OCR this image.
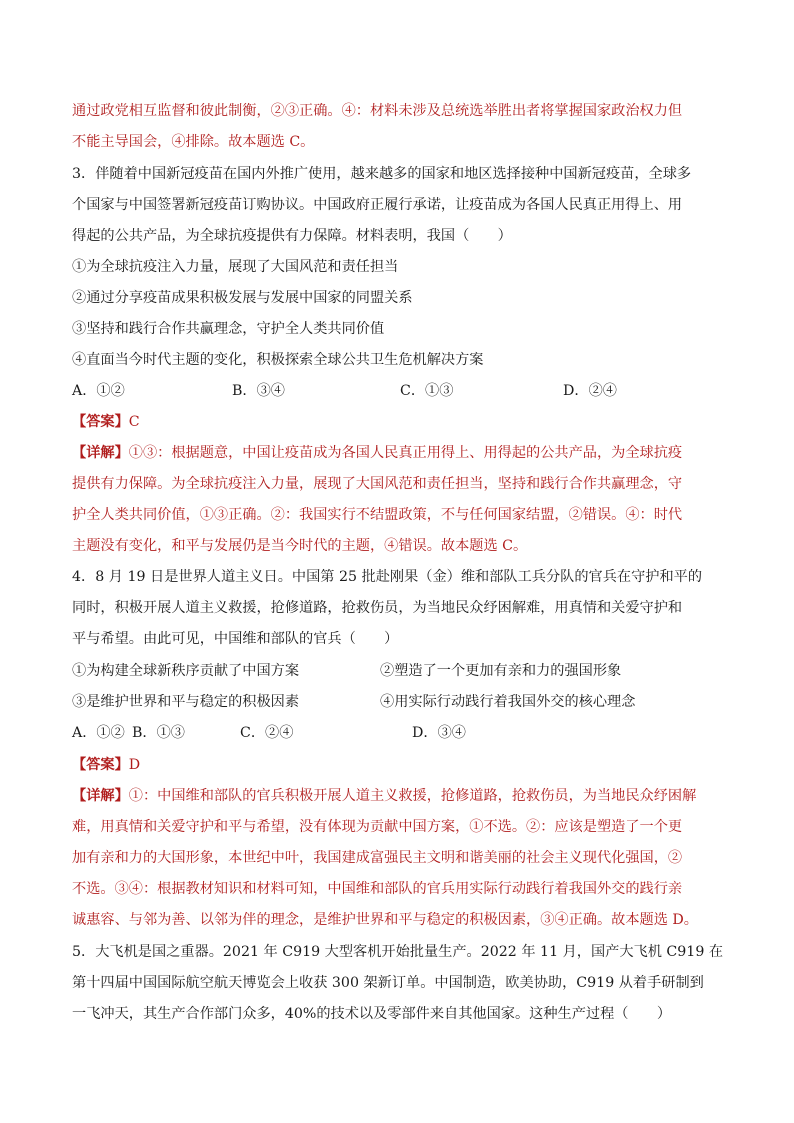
通过政党相互监督和彼此制衡，②③正确。④：材料未涉及总统选举胜出者将掌握国家政治权力但
不能主导国会，④排除。故本题选 C。
3．伴随着中国新冠疫苗在国内外推广使用，越来越多的国家和地区选择接种中国新冠疫苗，全球多
个国家与中国签署新冠疫苗订购协议。中国政府正履行承诺，让疫苗成为各国人民真正用得上、用
得起的公共产品，为全球抗疫提供有力保障。材料表明，我国（　　）
①为全球抗疫注入力量，展现了大国风范和责任担当
②通过分享疫苗成果积极发展与发展中国家的同盟关系
③坚持和践行合作共赢理念，守护全人类共同价值
④直面当今时代主题的变化，积极探索全球公共卫生危机解决方案
A．①②	B．③④	C．①③	D．②④
【答案】C
【详解】①③：根据题意，中国让疫苗成为各国人民真正用得上、用得起的公共产品，为全球抗疫
提供有力保障。为全球抗疫注入力量，展现了大国风范和责任担当，坚持和践行合作共赢理念，守
护全人类共同价值，①③正确。②：我国实行不结盟政策，不与任何国家结盟，②错误。④：时代
主题没有变化，和平与发展仍是当今时代的主题，④错误。故本题选 C。
4．8 月 19 日是世界人道主义日。中国第 25 批赴刚果（金）维和部队工兵分队的官兵在守护和平的
同时，积极开展人道主义救援，抢修道路，抢救伤员，为当地民众纾困解难，用真情和关爱守护和
平与希望。由此可见，中国维和部队的官兵（　　）
①为构建全球新秩序贡献了中国方案	②塑造了一个更加有亲和力的强国形象
③是维护世界和平与稳定的积极因素	④用实际行动践行着我国外交的核心理念
A．①② B．①③	C．②④	D．③④
【答案】D
【详解】①：中国维和部队的官兵积极开展人道主义救援，抢修道路，抢救伤员，为当地民众纾困解
难，用真情和关爱守护和平与希望，没有体现为贡献中国方案，①不选。②：应该是塑造了一个更
加有亲和力的大国形象，本世纪中叶，我国建成富强民主文明和谐美丽的社会主义现代化强国，②
不选。③④：根据教材知识和材料可知，中国维和部队的官兵用实际行动践行着我国外交的践行亲
诚惠容、与邻为善、以邻为伴的理念，是维护世界和平与稳定的积极因素，③④正确。故本题选 D。
5．大飞机是国之重器。2021 年 C919 大型客机开始批量生产。2022 年 11 月，国产大飞机 C919 在
第十四届中国国际航空航天博览会上收获 300 架新订单。中国制造，欧美协助，C919 从着手研制到
一飞冲天，其生产合作部门众多，40%的技术以及零部件来自其他国家。这种生产过程（　　）
